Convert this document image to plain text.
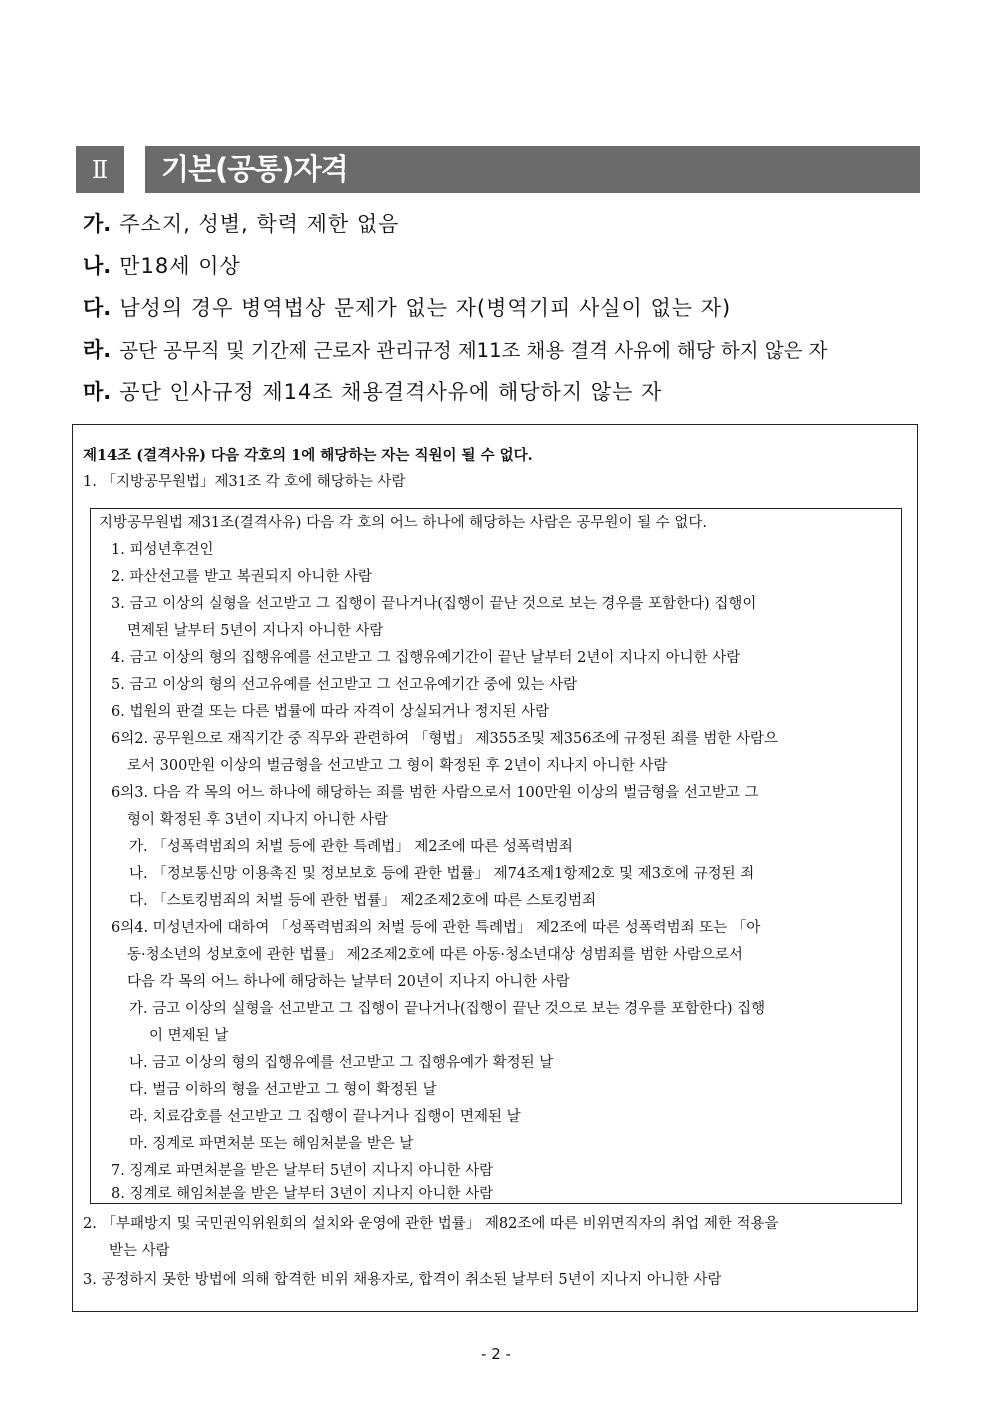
Ⅱ	기본(공통)자격
가. 주소지, 성별, 학력 제한 없음
나. 만18세 이상
다. 남성의 경우 병역법상 문제가 없는 자(병역기피 사실이 없는 자)
라. 공단 공무직 및 기간제 근로자 관리규정 제11조 채용 결격 사유에 해당 하지 않은 자
마. 공단 인사규정 제14조 채용결격사유에 해당하지 않는 자
제14조 (결격사유) 다음 각호의 1에 해당하는 자는 직원이 될 수 없다.
1. 「지방공무원법」제31조 각 호에 해당하는 사람
지방공무원법 제31조(결격사유) 다음 각 호의 어느 하나에 해당하는 사람은 공무원이 될 수 없다.
1. 피성년후견인
2. 파산선고를 받고 복권되지 아니한 사람
3. 금고 이상의 실형을 선고받고 그 집행이 끝나거나(집행이 끝난 것으로 보는 경우를 포함한다) 집행이
면제된 날부터 5년이 지나지 아니한 사람
4. 금고 이상의 형의 집행유예를 선고받고 그 집행유예기간이 끝난 날부터 2년이 지나지 아니한 사람
5. 금고 이상의 형의 선고유예를 선고받고 그 선고유예기간 중에 있는 사람
6. 법원의 판결 또는 다른 법률에 따라 자격이 상실되거나 정지된 사람
6의2. 공무원으로 재직기간 중 직무와 관련하여 「형법」 제355조및 제356조에 규정된 죄를 범한 사람으
로서 300만원 이상의 벌금형을 선고받고 그 형이 확정된 후 2년이 지나지 아니한 사람
6의3. 다음 각 목의 어느 하나에 해당하는 죄를 범한 사람으로서 100만원 이상의 벌금형을 선고받고 그
형이 확정된 후 3년이 지나지 아니한 사람
가. 「성폭력범죄의 처벌 등에 관한 특례법」 제2조에 따른 성폭력범죄
나. 「정보통신망 이용촉진 및 정보보호 등에 관한 법률」 제74조제1항제2호 및 제3호에 규정된 죄
다. 「스토킹범죄의 처벌 등에 관한 법률」 제2조제2호에 따른 스토킹범죄
6의4. 미성년자에 대하여 「성폭력범죄의 처벌 등에 관한 특례법」 제2조에 따른 성폭력범죄 또는 「아
동·청소년의 성보호에 관한 법률」 제2조제2호에 따른 아동·청소년대상 성범죄를 범한 사람으로서
다음 각 목의 어느 하나에 해당하는 날부터 20년이 지나지 아니한 사람
가. 금고 이상의 실형을 선고받고 그 집행이 끝나거나(집행이 끝난 것으로 보는 경우를 포함한다) 집행
이 면제된 날
나. 금고 이상의 형의 집행유예를 선고받고 그 집행유예가 확정된 날
다. 벌금 이하의 형을 선고받고 그 형이 확정된 날
라. 치료감호를 선고받고 그 집행이 끝나거나 집행이 면제된 날
마. 징계로 파면처분 또는 해임처분을 받은 날
7. 징계로 파면처분을 받은 날부터 5년이 지나지 아니한 사람
8. 징계로 해임처분을 받은 날부터 3년이 지나지 아니한 사람
2. 「부패방지 및 국민권익위원회의 설치와 운영에 관한 법률」 제82조에 따른 비위면직자의 취업 제한 적용을
받는 사람
3. 공정하지 못한 방법에 의해 합격한 비위 채용자로, 합격이 취소된 날부터 5년이 지나지 아니한 사람
- 2 -
